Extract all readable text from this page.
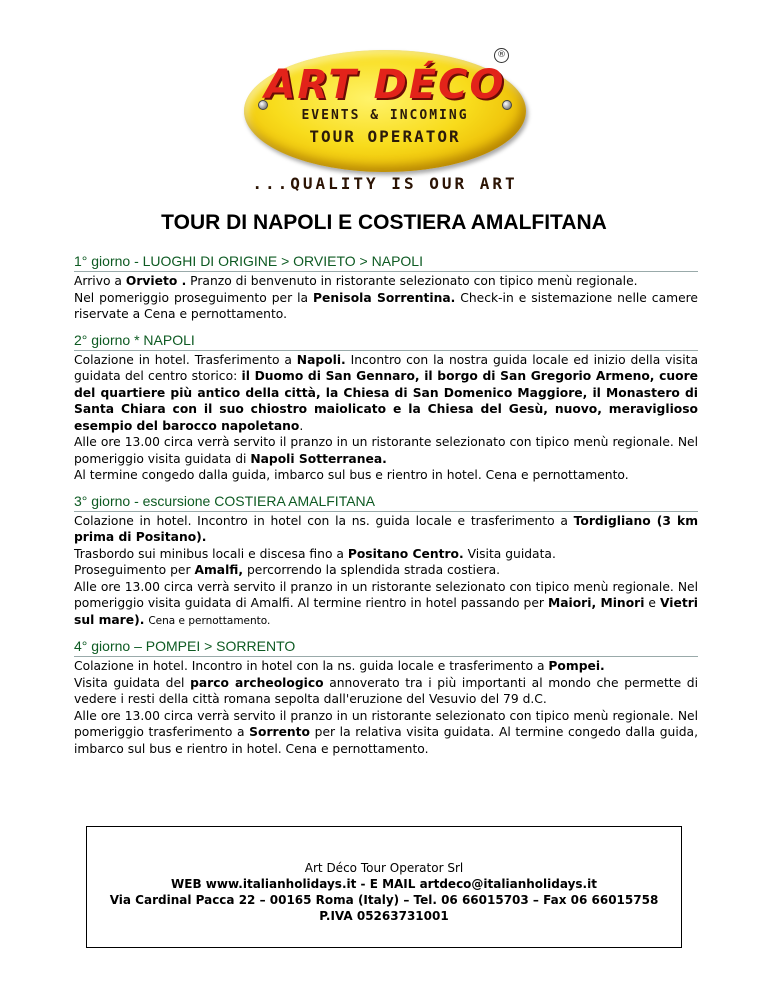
ART DÉCO
EVENTS & INCOMING
TOUR OPERATOR
®
...QUALITY IS OUR ART
TOUR DI NAPOLI E COSTIERA AMALFITANA
1° giorno - LUOGHI DI ORIGINE > ORVIETO > NAPOLI

Arrivo a Orvieto . Pranzo di benvenuto in ristorante selezionato con tipico menù regionale.

Nel pomeriggio proseguimento per la Penisola Sorrentina. Check-in e sistemazione nelle camere riservate a Cena e pernottamento.

2° giorno * NAPOLI

Colazione in hotel. Trasferimento a Napoli. Incontro con la nostra guida locale ed inizio della visita guidata del centro storico: il Duomo di San Gennaro, il borgo di San Gregorio Armeno, cuore del quartiere più antico della città, la Chiesa di San Domenico Maggiore, il Monastero di Santa Chiara con il suo chiostro maiolicato e la Chiesa del Gesù, nuovo, meraviglioso esempio del barocco napoletano.

Alle ore 13.00 circa verrà servito il pranzo in un ristorante selezionato con tipico menù regionale. Nel pomeriggio visita guidata di Napoli Sotterranea.

Al termine congedo dalla guida, imbarco sul bus e rientro in hotel. Cena e pernottamento.

3° giorno - escursione COSTIERA AMALFITANA

Colazione in hotel. Incontro in hotel con la ns. guida locale e trasferimento a Tordigliano (3 km prima di Positano).

Trasbordo sui minibus locali e discesa fino a Positano Centro. Visita guidata.

Proseguimento per Amalfi, percorrendo la splendida strada costiera.

Alle ore 13.00 circa verrà servito il pranzo in un ristorante selezionato con tipico menù regionale. Nel pomeriggio visita guidata di Amalfi. Al termine rientro in hotel passando per Maiori, Minori e Vietri sul mare). Cena e pernottamento.

4° giorno – POMPEI > SORRENTO

Colazione in hotel. Incontro in hotel con la ns. guida locale e trasferimento a Pompei.

Visita guidata del parco archeologico annoverato tra i più importanti al mondo che permette di vedere i resti della città romana sepolta dall'eruzione del Vesuvio del 79 d.C.

Alle ore 13.00 circa verrà servito il pranzo in un ristorante selezionato con tipico menù regionale. Nel pomeriggio trasferimento a Sorrento per la relativa visita guidata. Al termine congedo dalla guida, imbarco sul bus e rientro in hotel. Cena e pernottamento.

Art Déco Tour Operator Srl
WEB www.italianholidays.it - E MAIL artdeco@italianholidays.it
Via Cardinal Pacca 22 – 00165 Roma (Italy) – Tel. 06 66015703 – Fax 06 66015758
P.IVA 05263731001
